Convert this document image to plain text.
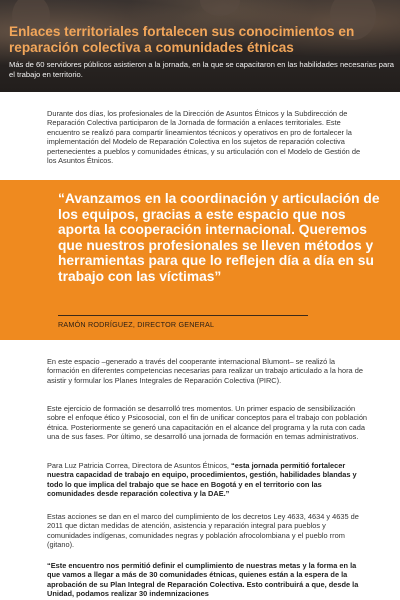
Enlaces territoriales fortalecen sus conocimientos en reparación colectiva a comunidades étnicas
Más de 60 servidores públicos asistieron a la jornada, en la que se capacitaron en las habilidades necesarias para el trabajo en territorio.
Durante dos días, los profesionales de la Dirección de Asuntos Étnicos y la Subdirección de Reparación Colectiva participaron de la Jornada de formación a enlaces territoriales. Este encuentro se realizó para compartir lineamientos técnicos y operativos en pro de fortalecer la implementación del Modelo de Reparación Colectiva en los sujetos de reparación colectiva pertenecientes a pueblos y comunidades étnicas, y su articulación con el Modelo de Gestión de los Asuntos Étnicos.
“Avanzamos en la coordinación y articulación de los equipos, gracias a este espacio que nos aporta la cooperación internacional. Queremos que nuestros profesionales se lleven métodos y herramientas para que lo reflejen día a día en su trabajo con las víctimas”
RAMÓN RODRÍGUEZ, DIRECTOR GENERAL
En este espacio –generado a través del cooperante internacional Blumont– se realizó la formación en diferentes competencias necesarias para realizar un trabajo articulado a la hora de asistir y formular los Planes Integrales de Reparación Colectiva (PIRC).
Este ejercicio de formación se desarrolló tres momentos. Un primer espacio de sensibilización sobre el enfoque ético y Psicosocial, con el fin de unificar conceptos para el trabajo con población étnica. Posteriormente se generó una capacitación en el alcance del programa y la ruta con cada una de sus fases. Por último, se desarrolló una jornada de formación en temas administrativos.
Para Luz Patricia Correa, Directora de Asuntos Étnicos, “esta jornada permitió fortalecer nuestra capacidad de trabajo en equipo, procedimientos, gestión, habilidades blandas y todo lo que implica del trabajo que se hace en Bogotá y en el territorio con las comunidades desde reparación colectiva y la DAE.”
Estas acciones se dan en el marco del cumplimiento de los decretos Ley 4633, 4634 y 4635 de 2011 que dictan medidas de atención, asistencia y reparación integral para pueblos y comunidades indígenas, comunidades negras y población afrocolombiana y el pueblo rrom (gitano).
“Este encuentro nos permitió definir el cumplimiento de nuestras metas y la forma en la que vamos a llegar a más de 30 comunidades étnicas, quienes están a la espera de la aprobación de su Plan Integral de Reparación Colectiva. Esto contribuirá a que, desde la Unidad, podamos realizar 30 indemnizaciones
